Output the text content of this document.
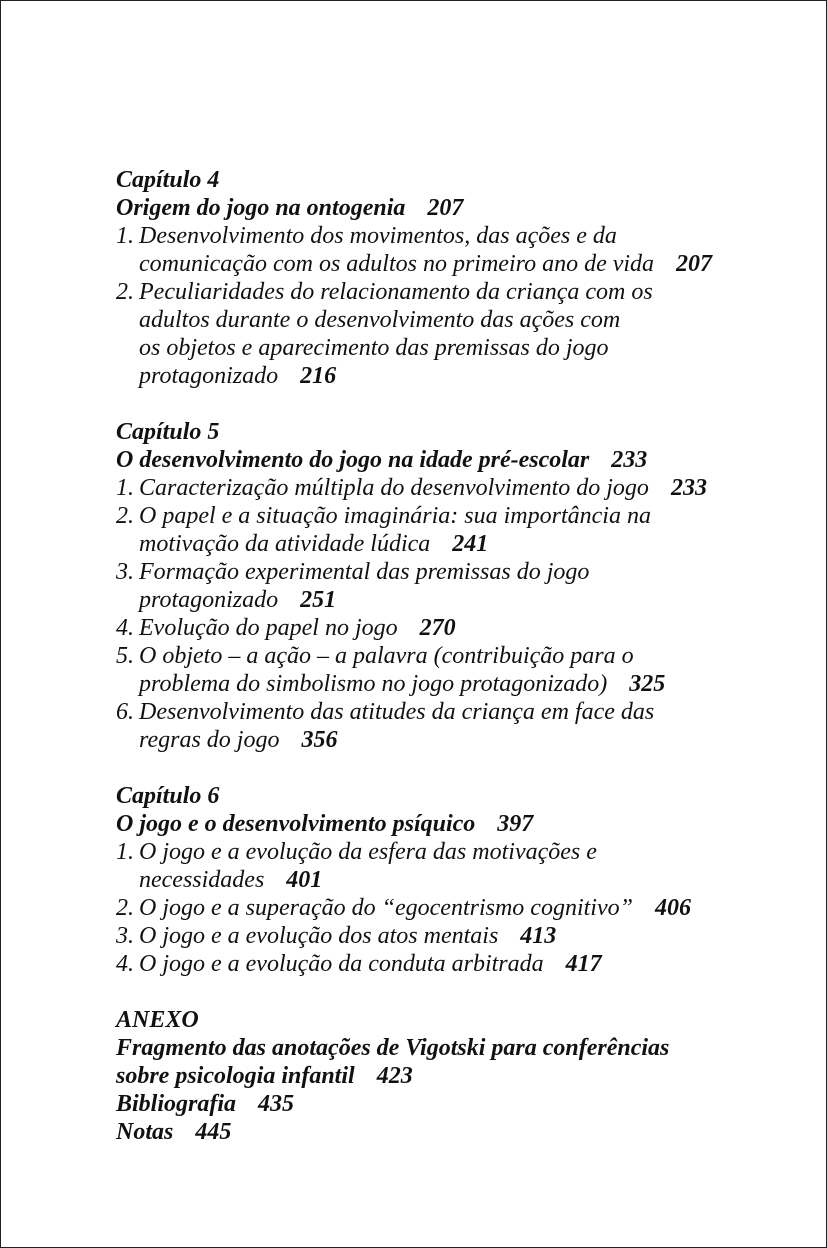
Capítulo 4
Origem do jogo na ontogenia 207
1. Desenvolvimento dos movimentos, das ações e da
comunicação com os adultos no primeiro ano de vida 207
2. Peculiaridades do relacionamento da criança com os
adultos durante o desenvolvimento das ações com
os objetos e aparecimento das premissas do jogo
protagonizado 216
Capítulo 5
O desenvolvimento do jogo na idade pré-escolar 233
1. Caracterização múltipla do desenvolvimento do jogo 233
2. O papel e a situação imaginária: sua importância na
motivação da atividade lúdica 241
3. Formação experimental das premissas do jogo
protagonizado 251
4. Evolução do papel no jogo 270
5. O objeto – a ação – a palavra (contribuição para o
problema do simbolismo no jogo protagonizado) 325
6. Desenvolvimento das atitudes da criança em face das
regras do jogo 356
Capítulo 6
O jogo e o desenvolvimento psíquico 397
1. O jogo e a evolução da esfera das motivações e
necessidades 401
2. O jogo e a superação do “egocentrismo cognitivo” 406
3. O jogo e a evolução dos atos mentais 413
4. O jogo e a evolução da conduta arbitrada 417
ANEXO
Fragmento das anotações de Vigotski para conferências
sobre psicologia infantil 423
Bibliografia 435
Notas 445
